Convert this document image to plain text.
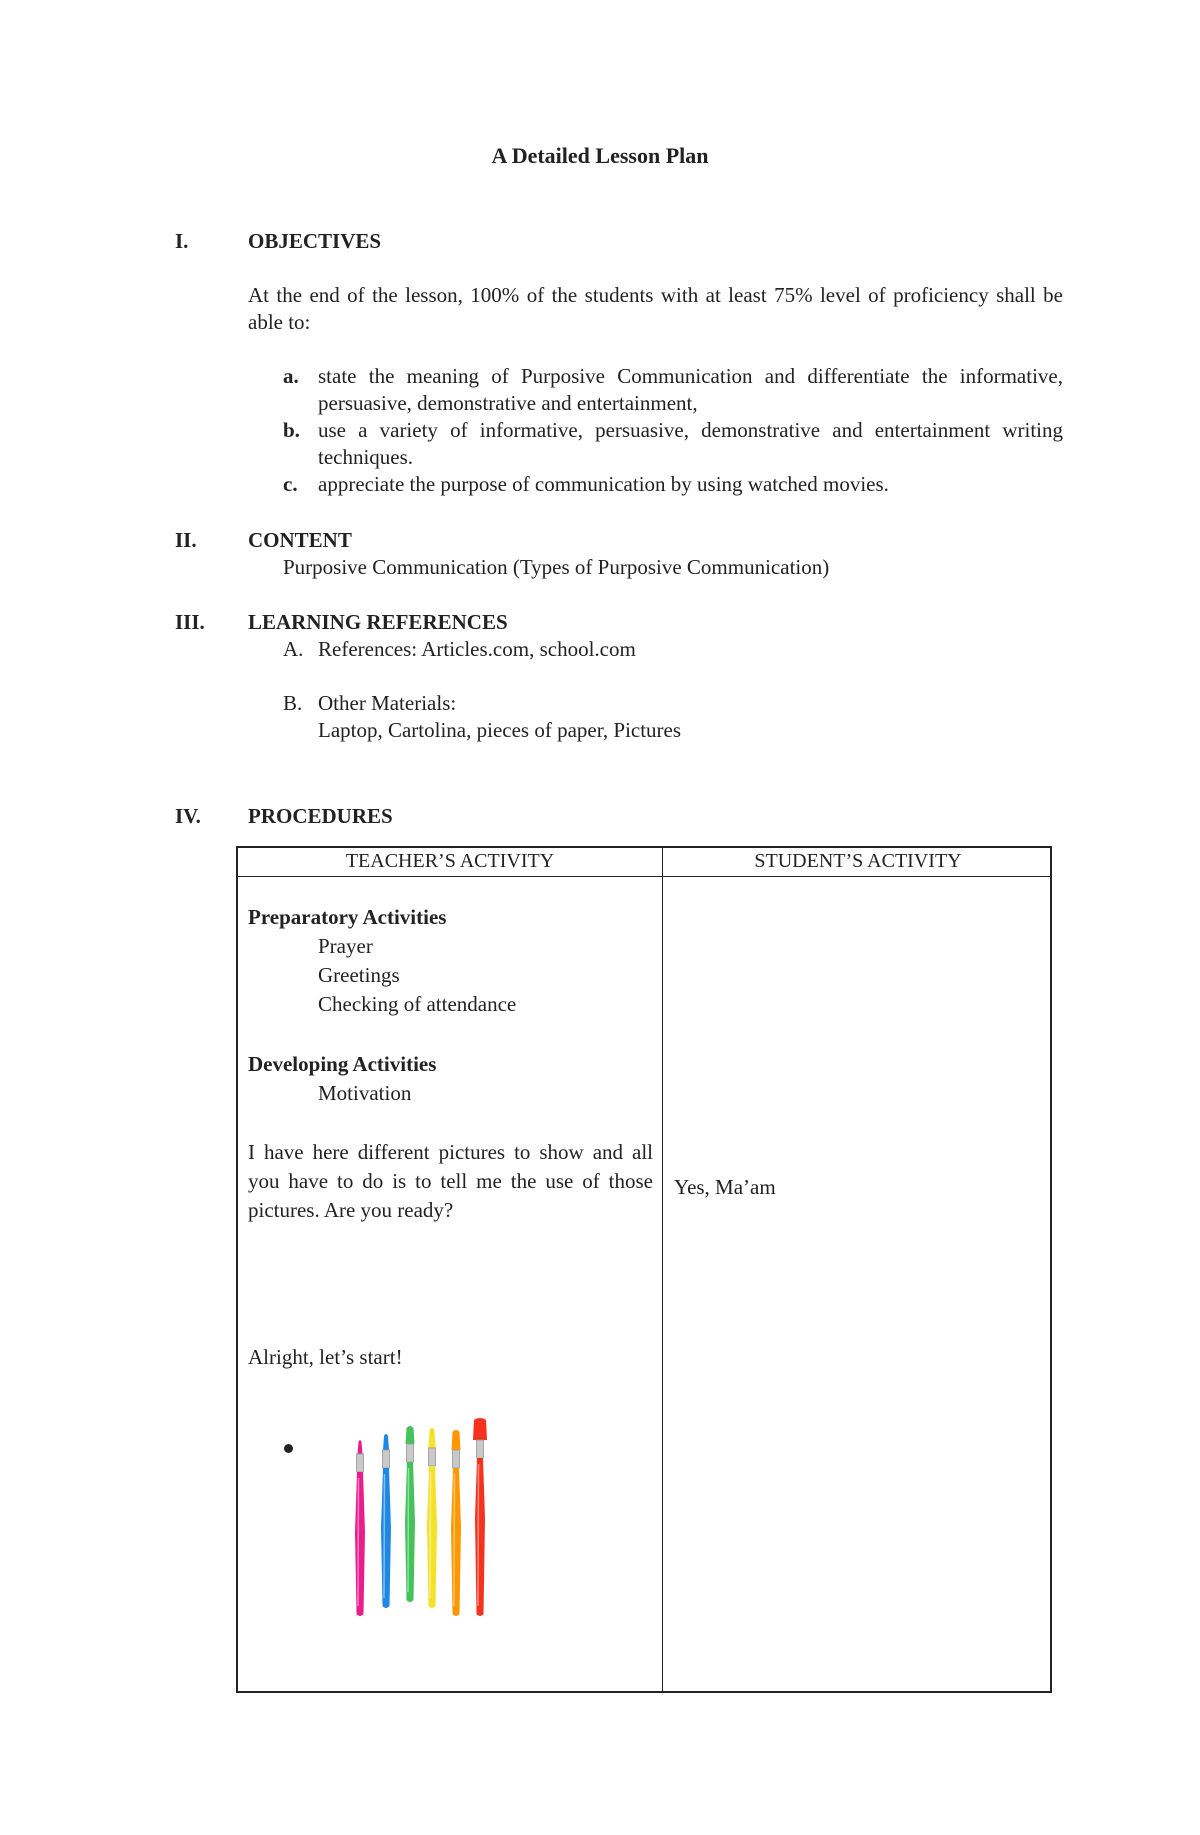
A Detailed Lesson Plan
I.	OBJECTIVES
At the end of the lesson, 100% of the students with at least 75% level of proficiency shall be able to:
a. state the meaning of Purposive Communication and differentiate the informative, persuasive, demonstrative and entertainment,
b. use a variety of informative, persuasive, demonstrative and entertainment writing techniques.
c. appreciate the purpose of communication by using watched movies.
II. CONTENT
Purposive Communication (Types of Purposive Communication)
III. LEARNING REFERENCES
A. References: Articles.com, school.com
B. Other Materials:
Laptop, Cartolina, pieces of paper, Pictures
IV. PROCEDURES
TEACHER’S ACTIVITY	STUDENT’S ACTIVITY
Preparatory Activities
Prayer
Greetings
Checking of attendance
Developing Activities
Motivation
I have here different pictures to show and all you have to do is to tell me the use of those pictures. Are you ready?
Alright, let’s start!
Yes, Ma’am
